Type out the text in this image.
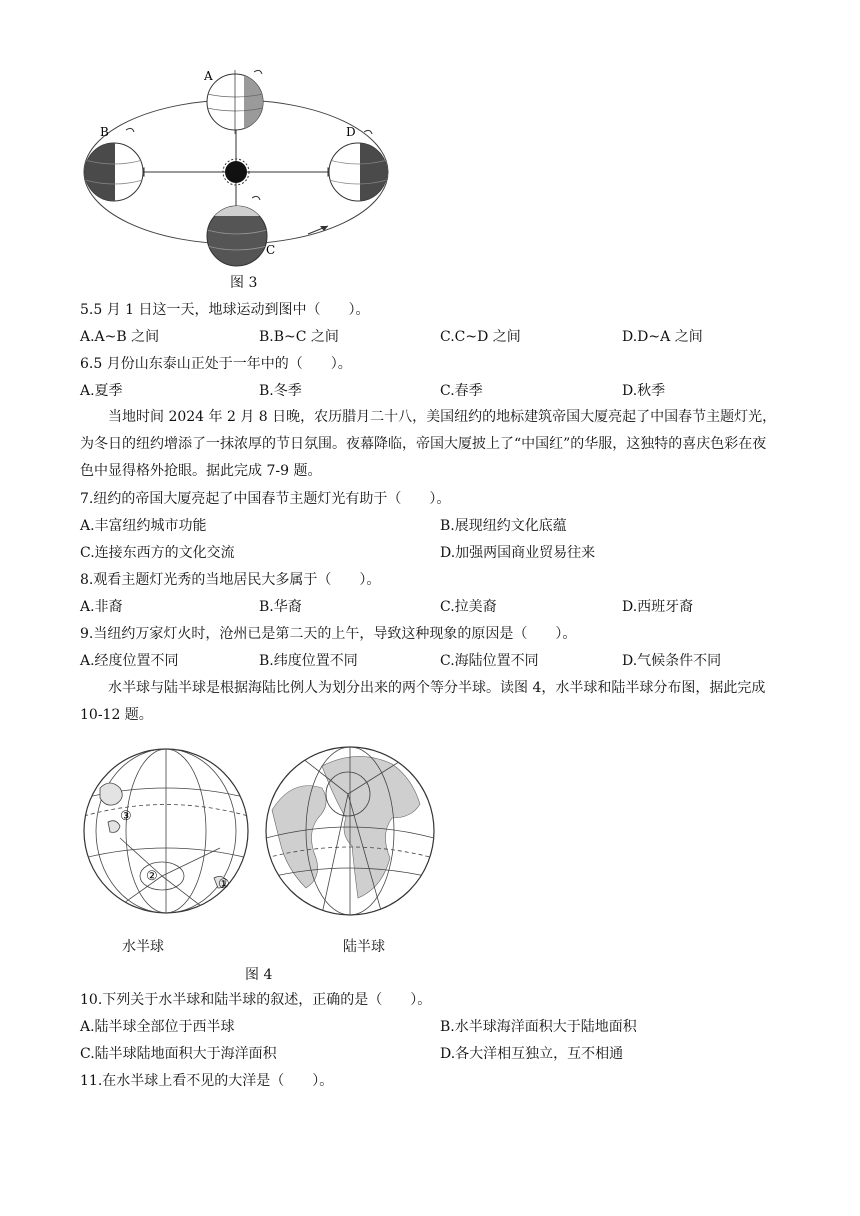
A
B	D
C
图 3
5.5 月 1 日这一天，地球运动到图中（　　）。
A.A~B 之间	B.B~C 之间	C.C~D 之间	D.D~A 之间
6.5 月份山东泰山正处于一年中的（　　）。
A.夏季	B.冬季	C.春季	D.秋季
当地时间 2024 年 2 月 8 日晚，农历腊月二十八，美国纽约的地标建筑帝国大厦亮起了中国春节主题灯光，为冬日的纽约增添了一抹浓厚的节日氛围。夜幕降临，帝国大厦披上了“中国红”的华服，这独特的喜庆色彩在夜色中显得格外抢眼。据此完成 7-9 题。
7.纽约的帝国大厦亮起了中国春节主题灯光有助于（　　）。
A.丰富纽约城市功能	B.展现纽约文化底蕴
C.连接东西方的文化交流	D.加强两国商业贸易往来
8.观看主题灯光秀的当地居民大多属于（　　）。
A.非裔	B.华裔	C.拉美裔	D.西班牙裔
9.当纽约万家灯火时，沧州已是第二天的上午，导致这种现象的原因是（　　）。
A.经度位置不同	B.纬度位置不同	C.海陆位置不同	D.气候条件不同
水半球与陆半球是根据海陆比例人为划分出来的两个等分半球。读图 4，水半球和陆半球分布图，据此完成 10-12 题。
③
②
①
水半球	陆半球
图 4
10.下列关于水半球和陆半球的叙述，正确的是（　　）。
A.陆半球全部位于西半球	B.水半球海洋面积大于陆地面积
C.陆半球陆地面积大于海洋面积	D.各大洋相互独立，互不相通
11.在水半球上看不见的大洋是（　　）。
